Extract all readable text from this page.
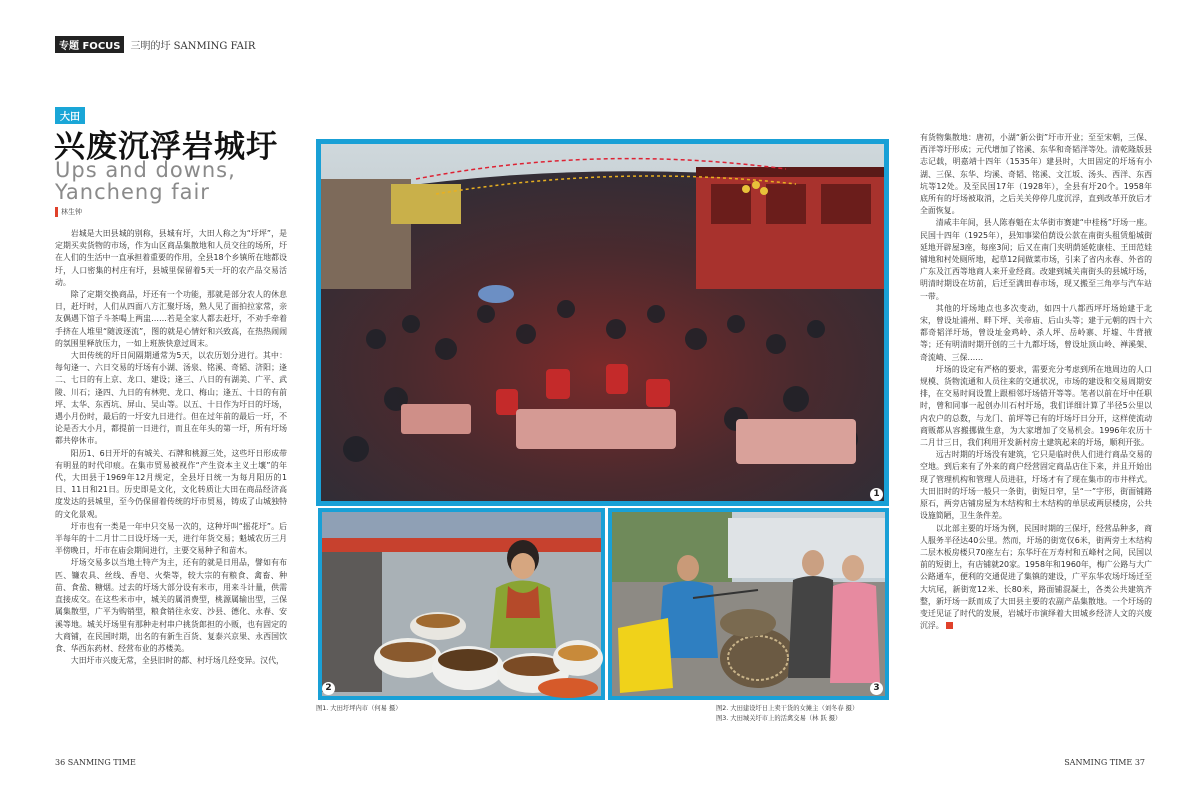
专题 FOCUS	三明的圩 SANMING FAIR
大田
兴废沉浮岩城圩
Ups and downs,
Yancheng fair
林生钟

岩城是大田县城的别称，县城有圩，大田人称之为“圩坪”，是定期买卖货物的市场，作为山区商品集散地和人员交往的场所，圩在人们的生活中一直承担着重要的作用，全县18个乡镇所在地都设圩，人口密集的村庄有圩，县城里保留着5天一圩的农产品交易活动。

除了定期交换商品，圩还有一个功能，那就是部分农人的休息日，赶圩时，人们从四面八方汇聚圩场，熟人见了面拍拉家常，亲友偶遇下馆子斗茶喝上两盅……若是全家人都去赶圩，不劝手牵着手挤在人堆里“随波逐流”，图的就是心情好和兴致高，在热热闹闹的氛围里释放压力，一如上班族快意过周末。

大田传统的圩日间隔期通常为5天，以农历划分进行。其中：每旬逢一、六日交易的圩场有小湖、汤泉、铭溪、奇韬、济阳；逢二、七日的有上京、龙口、建设；逢三、八日的有湖美、广平、武陵、川石；逢四、九日的有林兜、龙口、梅山；逢五、十日的有前坪、太华、东西坑、屏山、吴山等。以五、十日作为圩日的圩场，遇小月份时，最后的一圩安九日进行。但在过年前的最后一圩，不论是否大小月，都提前一日进行，而且在年头的第一圩，所有圩场都共停休市。

阳历1、6日开圩的有城关、石牌和桃源三处，这些圩日形成带有明显的时代印痕。在集市贸易被视作“产生资本主义土壤”的年代，大田县于1969年12月规定，全县圩日统一为每月阳历的1日、11日和21日。历史即是文化，文化转质让大田在商品经济高度发达的县城里，至今仍保留着传统的圩市贸易，铸成了山城独特的文化景观。

圩市也有一类是一年中只交易一次的，这种圩叫“摇花圩”。后半每年的十二月廿二日设圩场一天，进行年货交易；魁城农历三月半傍晚日，圩市在庙会期间进行，主要交易种子和苗木。

圩场交易多以当地土特产为主，还有的就是日用品，譬如有布匹、镰农具、丝线、香皂、火柴等，较大宗的有粮食、禽畜、种苗、食盐、糖烟。过去的圩场大部分设有米市，用来斗计量，供需直接成交。在这些米市中，城关的属消费型，桃源属输出型，三保属集散型，广平为购销型，粮食销往永安、沙县、德化、永春、安溪等地。城关圩场里有那种走村串户挑货郎担的小贩，也有固定的大商铺，在民国时期，出名的有新生百货、复泰兴京果、永西国饮食、华西东药材、经营布业的苏楼美。

大田圩市兴废无常，全县旧时的都、村圩场几经变异。汉代，

1
2	3
图1. 大田圩坪内市（何易 摄）	图2. 大田建设圩日上卖干货的女摊主（刘冬春 摄）
图3. 大田城关圩市上的活禽交易（林 跃 摄）

有货物集散地：唐初，小湖“新公街”圩市开业；至至宋朝，三保、西洋等圩形成；元代增加了铭溪、东华和奇韬洋等处。清乾隆版县志记载，明嘉靖十四年（1535年）建县时，大田固定的圩场有小湖、三保、东华、均溪、奇韬、铭溪、文江坂、汤头、西洋、东西坑等12处。及至民国17年（1928年），全县有圩20个。1958年底所有的圩场被取消，之后关关停停几度沉浮，直到改革开放后才全面恢复。

清咸丰年间，县人陈春魁在太华街市赛建“中桂杨”圩场一座。民国十四年（1925年），县知事梁伯荫设公款在南街头租赁船城街延地开辟屋3座，每座3间；后又在南门夹明荫延乾康桂、王田范娃铺地和村处厕所地，起草12间做菜市场，引来了省内永春、外省的广东及江西等地商人来开业经商。改建到城关南街头的县城圩场，明清时期设在坊前，后迁至满田春市场，现又搬至三角亭与汽车站一带。

其他的圩场地点也多次变动，如四十八都西坪圩场始建于北宋，曾设址浦州、畔下坪、关帝庙、后山头等；建于元朝的四十六都奇韬洋圩场，曾设址金鸡岭、杀人坪、岳岭寨、圩墟、牛背掖等；还有明清时期开创的三十九都圩场，曾设址顶山岭、禅溪架、奇流崎、三保……

圩场的设定有严格的要求，需要充分考虑到所在地周边的人口规模、货物流通和人员往来的交通状况，市场的建设和交易周期安排，在交易时间设置上跟相邻圩场错开等等。笔者以前在圩中任职时，曾和同事一起创办川石村圩场，我们详细计算了半径5公里以内农户的总数，与龙门、前坪等已有的圩场圩日分开，这样使流动商贩都从容搬挪做生意，为大家增加了交易机会。1996年农历十二月廿三日，我们利用开发新村房土建筑起来的圩场，顺利开张。

远古时期的圩场没有建筑，它只是临时供人们进行商品交易的空地。到后来有了外来的商户经营固定商品店住下来，并且开始出现了管理机构和管理人员进驻，圩场才有了现在集市的市井样式。大田旧时的圩场一般只一条街，街短日窄，呈“一”字形，街面铺路原石，两旁店铺房屋为木结构和土木结构的单层或两层楼房，公共设施简陋，卫生条件差。

以北部主要的圩场为例，民国时期的三保圩，经营品种多，商人服务半径达40公里。然而，圩场的街宽仅6米，街两旁土木结构二层木板房楼只70座左右；东华圩在万寿村和五峰村之间，民国以前的短街上，有店铺就20家。1958年和1960年，梅广公路与大广公路通车，便利的交通促进了集镇的建设，广平东华农场圩场迁至大坑尾，新街宽12米、长80米，路面铺混凝土，各类公共建筑齐整，新圩场一跃而成了大田县主要的农副产品集散地。一个圩场的变迁见证了时代的发展，岩城圩市演绎着大田城乡经济人文的兴废沉浮。

36 SANMING TIME	SANMING TIME 37
